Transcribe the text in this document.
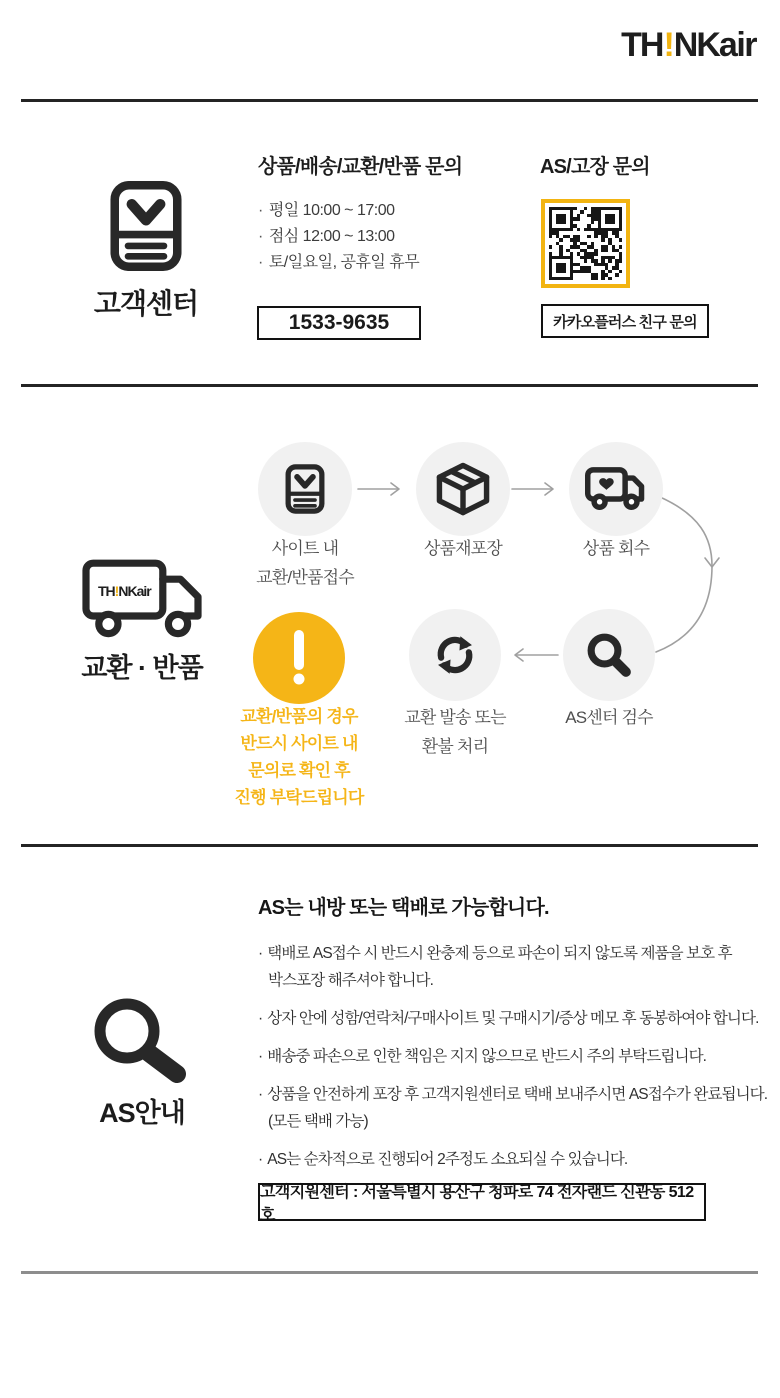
TH!NKair
고객센터
상품/배송/교환/반품 문의
· 평일 10:00 ~ 17:00
· 점심 12:00 ~ 13:00
· 토/일요일, 공휴일 휴무
1533-9635
AS/고장 문의
카카오플러스 친구 문의
TH!NKair
교환 · 반품
사이트 내
교환/반품접수
상품재포장	상품 회수
교환/반품의 경우
반드시 사이트 내
문의로 확인 후
진행 부탁드립니다
교환 발송 또는
환불 처리
AS센터 검수
AS안내
AS는 내방 또는 택배로 가능합니다.
· 택배로 AS접수 시 반드시 완충제 등으로 파손이 되지 않도록 제품을 보호 후
박스포장 해주셔야 합니다.
· 상자 안에 성함/연락처/구매사이트 및 구매시기/증상 메모 후 동봉하여야 합니다.
· 배송중 파손으로 인한 책임은 지지 않으므로 반드시 주의 부탁드립니다.
· 상품을 안전하게 포장 후 고객지원센터로 택배 보내주시면 AS접수가 완료됩니다.
(모든 택배 가능)
· AS는 순차적으로 진행되어 2주정도 소요되실 수 있습니다.
고객지원센터 : 서울특별시 용산구 청파로 74 전자랜드 신관동 512호
